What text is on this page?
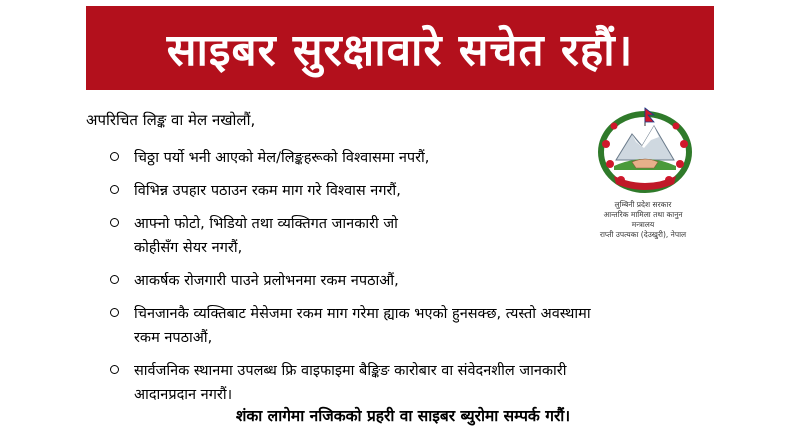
साइबर सुरक्षावारे सचेत रहौं।
अपरिचित लिङ्क वा मेल नखोलौं,
चिठ्ठा पर्यो भनी आएको मेल/लिङ्कहरूको विश्वासमा नपरौं,
विभिन्न उपहार पठाउन रकम माग गरे विश्वास नगरौं,
आफ्नो फोटो, भिडियो तथा व्यक्तिगत जानकारी जो
कोहीसँग सेयर नगरौं,
आकर्षक रोजगारी पाउने प्रलोभनमा रकम नपठाऔं,
चिनजानकै व्यक्तिबाट मेसेजमा रकम माग गरेमा ह्याक भएको हुनसक्छ, त्यस्तो अवस्थामा
रकम नपठाऔं,
सार्वजनिक स्थानमा उपलब्ध फ्रि वाइफाइमा बैङ्किङ कारोबार वा संवेदनशील जानकारी
आदानप्रदान नगरौं।
लुम्बिनी प्रदेश सरकार
आन्तरिक मामिला तथा कानुन
मन्त्रालय
राप्ती उपत्यका (देउखुरी), नेपाल
शंका लागेमा नजिकको प्रहरी वा साइबर ब्युरोमा सम्पर्क गरौं।
